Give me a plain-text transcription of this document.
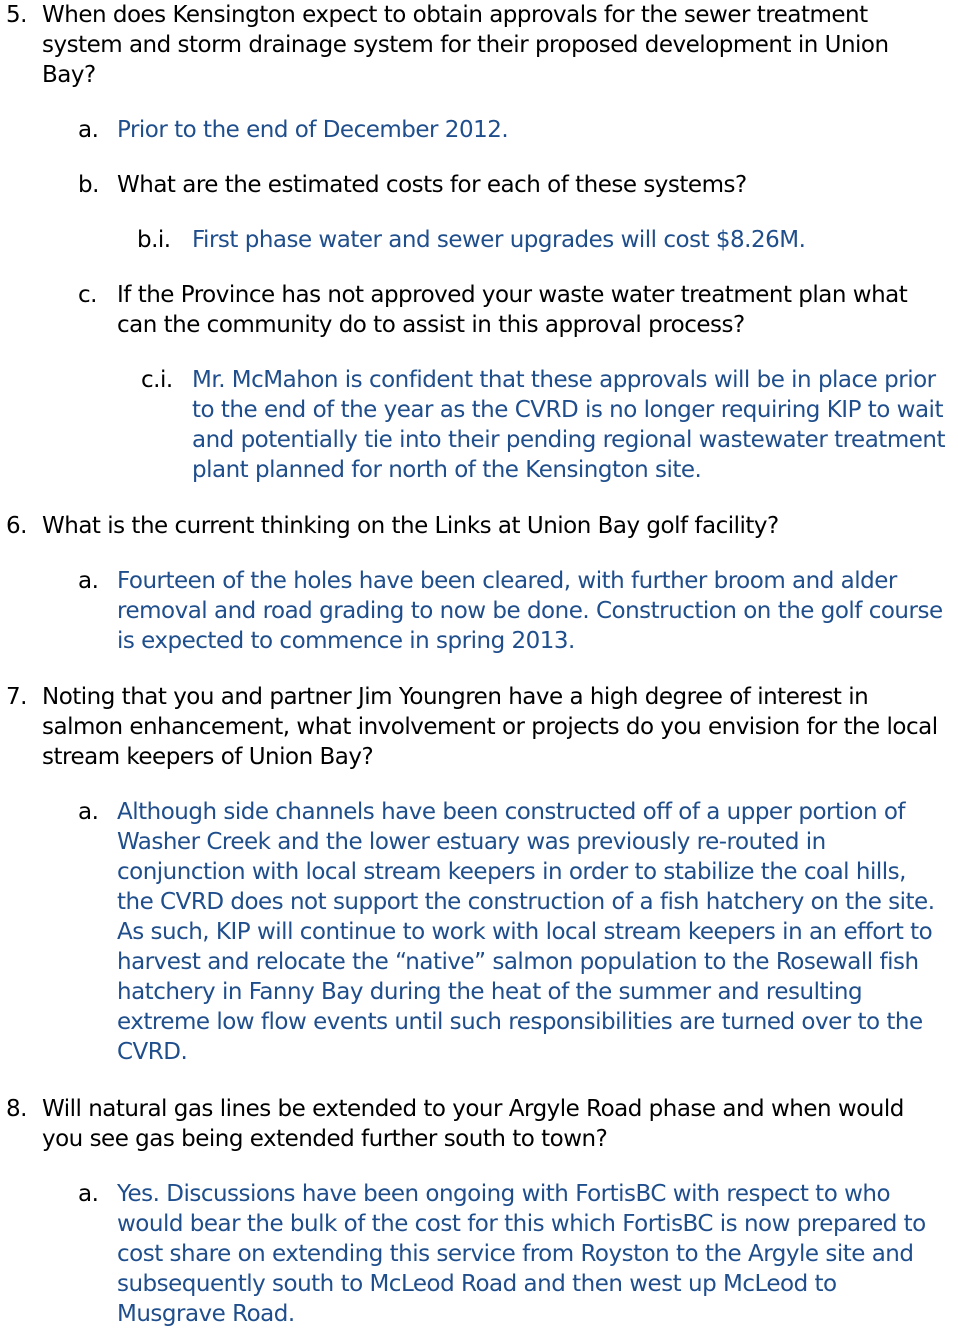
5. When does Kensington expect to obtain approvals for the sewer treatment system and storm drainage system for their proposed development in Union Bay?
a. Prior to the end of December 2012.
b. What are the estimated costs for each of these systems?
b.i. First phase water and sewer upgrades will cost $8.26M.
c. If the Province has not approved your waste water treatment plan what can the community do to assist in this approval process?
c.i. Mr. McMahon is confident that these approvals will be in place prior to the end of the year as the CVRD is no longer requiring KIP to wait and potentially tie into their pending regional wastewater treatment plant planned for north of the Kensington site.
6. What is the current thinking on the Links at Union Bay golf facility?
a. Fourteen of the holes have been cleared, with further broom and alder removal and road grading to now be done. Construction on the golf course is expected to commence in spring 2013.
7. Noting that you and partner Jim Youngren have a high degree of interest in salmon enhancement, what involvement or projects do you envision for the local stream keepers of Union Bay?
a. Although side channels have been constructed off of a upper portion of Washer Creek and the lower estuary was previously re-routed in conjunction with local stream keepers in order to stabilize the coal hills, the CVRD does not support the construction of a fish hatchery on the site. As such, KIP will continue to work with local stream keepers in an effort to harvest and relocate the “native” salmon population to the Rosewall fish hatchery in Fanny Bay during the heat of the summer and resulting extreme low flow events until such responsibilities are turned over to the CVRD.
8. Will natural gas lines be extended to your Argyle Road phase and when would you see gas being extended further south to town?
a. Yes. Discussions have been ongoing with FortisBC with respect to who would bear the bulk of the cost for this which FortisBC is now prepared to cost share on extending this service from Royston to the Argyle site and subsequently south to McLeod Road and then west up McLeod to Musgrave Road.
